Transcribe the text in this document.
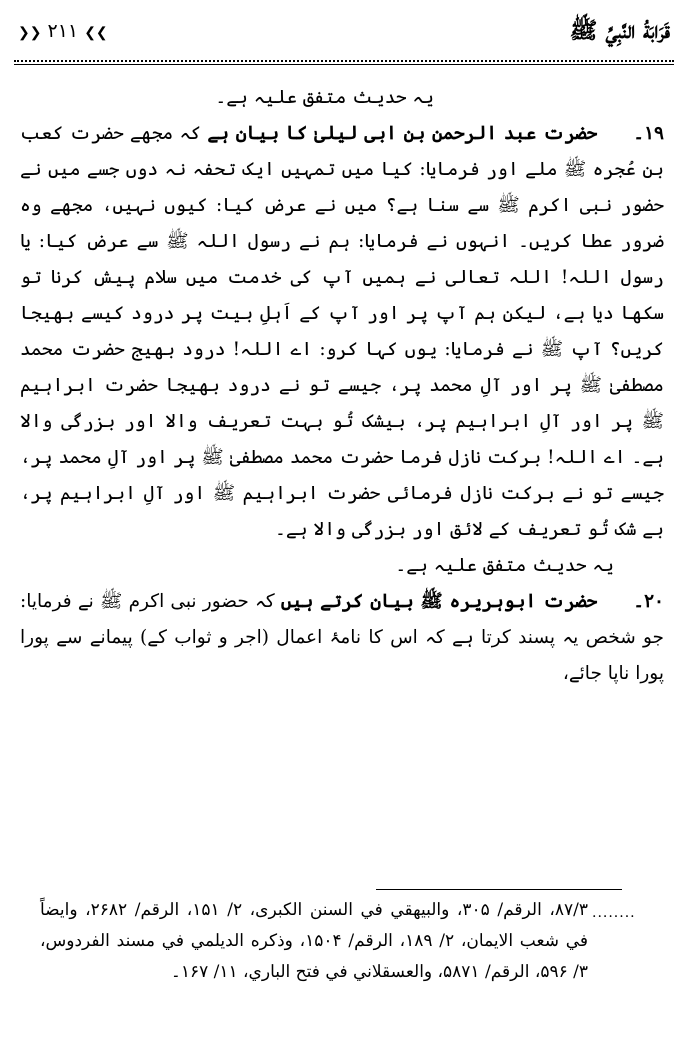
❯❯ ۲۱۱ ❮❮	قَرَابَةُ النَّبِيِّ ﷺ

یہ حدیث متفق علیہ ہے۔

۱۹۔حضرت عبد الرحمن بن ابی لیلیٰ کا بیان ہے کہ مجھے حضرت کعب بن عُجرہ ﷺ ملے اور فرمایا: کیا میں تمہیں ایک تحفہ نہ دوں جسے میں نے حضور نبی اکرم ﷺ سے سنا ہے؟ میں نے عرض کیا: کیوں نہیں، مجھے وہ ضرور عطا کریں۔ انہوں نے فرمایا: ہم نے رسول اللہ ﷺ سے عرض کیا: یا رسول اللہ! اللہ تعالی نے ہمیں آپ کی خدمت میں سلام پیش کرنا تو سکھا دیا ہے، لیکن ہم آپ پر اور آپ کے اَہلِ بیت پر درود کیسے بھیجا کریں؟ آپ ﷺ نے فرمایا: یوں کہا کرو: اے اللہ! درود بھیج حضرت محمد مصطفیٰ ﷺ پر اور آلِ محمد پر، جیسے تو نے درود بھیجا حضرت ابراہیم ﷺ پر اور آلِ ابراہیم پر، بیشک تُو بہت تعریف والا اور بزرگی والا ہے۔ اے اللہ! برکت نازل فرما حضرت محمد مصطفیٰ ﷺ پر اور آلِ محمد پر، جیسے تو نے برکت نازل فرمائی حضرت ابراہیم ﷺ اور آلِ ابراہیم پر، بے شک تُو تعریف کے لائق اور بزرگی والا ہے۔

یہ حدیث متفق علیہ ہے۔

۲۰۔حضرت ابوہریرہ ﷺ بیان کرتے ہیں کہ حضور نبی اکرم ﷺ نے فرمایا: جو شخص یہ پسند کرتا ہے کہ اس کا نامۂ اعمال (اجر و ثواب کے) پیمانے سے پورا پورا ناپا جائے،

........
۸۷/۳، الرقم/ ۳۰۵، والبیهقي في السنن الکبری، ۲/ ۱۵۱، الرقم/ ۲۶۸۲، وایضاً في شعب الایمان، ۲/ ۱۸۹، الرقم/ ۱۵۰۴، وذکره الدیلمي في مسند الفردوس، ۳/ ۵۹۶، الرقم/ ۵۸۷۱، والعسقلاني في فتح الباري، ۱۱/ ۱۶۷۔
